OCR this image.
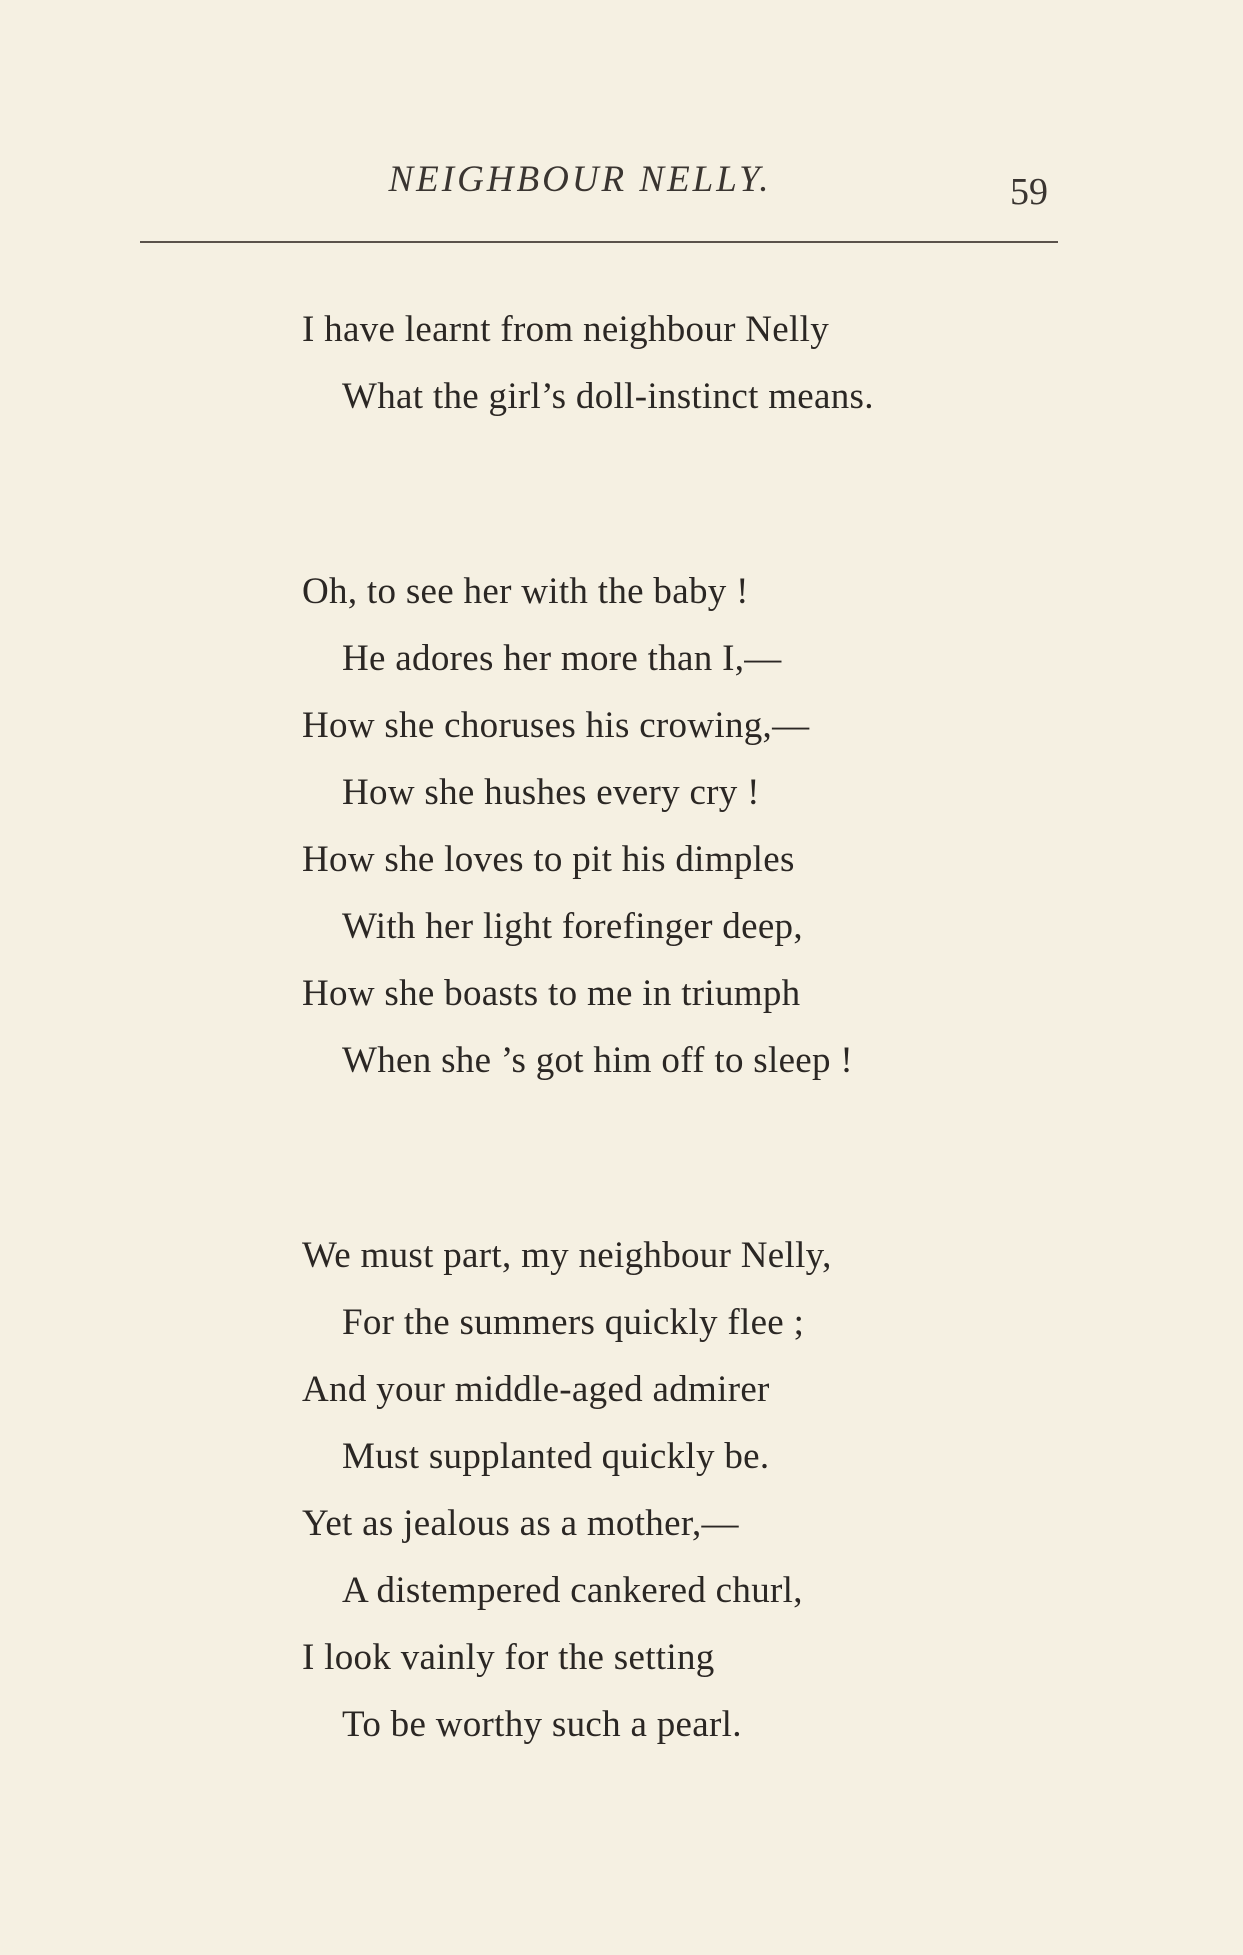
NEIGHBOUR NELLY.	59
I have learnt from neighbour Nelly
What the girl’s doll-instinct means.
Oh, to see her with the baby !
He adores her more than I,—
How she choruses his crowing,—
How she hushes every cry !
How she loves to pit his dimples
With her light forefinger deep,
How she boasts to me in triumph
When she ’s got him off to sleep !
We must part, my neighbour Nelly,
For the summers quickly flee ;
And your middle-aged admirer
Must supplanted quickly be.
Yet as jealous as a mother,—
A distempered cankered churl,
I look vainly for the setting
To be worthy such a pearl.
